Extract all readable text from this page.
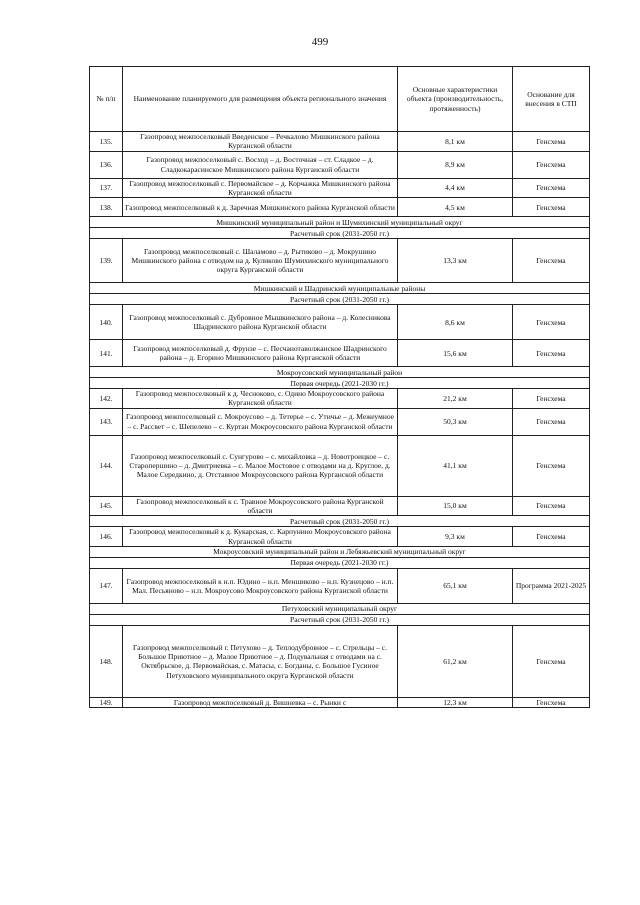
499
№ п/п	Наименование планируемого для размещения объекта регионального значения	Основные характеристики объекта (производительность, протяженность)	Основание для внесения в СТП
135.	Газопровод межпоселковый Введенское – Речкалово Мишкинского района Курганской области	8,1 км	Генсхема
136.	Газопровод межпоселковый с. Восход – д. Восточная – ст. Сладкое – д. Сладкокарасинское Мишкинского района Курганской области	8,9 км	Генсхема
137.	Газопровод межпоселковый с. Первомайское – д. Корчажка Мишкинского района Курганской области	4,4 км	Генсхема
138.	Газопровод межпоселковый к д. Заречная Мишкинского района Курганской области	4,5 км	Генсхема
Мишкинский муниципальный район и Шумихинский муниципальный округ			
Расчетный срок (2031-2050 гг.)			
139.	Газопровод межпоселковый с. Шаламово – д. Рытиково – д. Мокрушино Мишкинского района с отводом на д. Куликово Шумихинского муниципального округа Курганской области	13,3 км	Генсхема
Мишкинский и Шадринский муниципальные районы			
Расчетный срок (2031-2050 гг.)			
140.	Газопровод межпоселковый с. Дубровное Мышкинского района – д. Колесникова Шадринского района Курганской области	8,6 км	Генсхема
141.	Газопровод межпоселковый д. Фрунзе – с. Песчанотаволжанское Шадринского района – д. Егорино Мишкинского района Курганской области	15,6 км	Генсхема
Мокроусовский муниципальный район			
Первая очередь (2021-2030 гг.)			
142.	Газопровод межпоселковый к д. Чесноково, с. Одино Мокроусовского района Курганской области	21,2 км	Генсхема
143.	Газопровод межпоселковый с. Мокроусово – д. Тетерье – с. Утичье – д. Межеумное – с. Рассвет – с. Шепелево – с. Куртан Мокроусовского района Курганской области	50,3 км	Генсхема
144.	Газопровод межпоселковый с. Сунгурово – с. михайловка – д. Новотроицкое – с. Старопершино – д. Дмитриевка – с. Малое Мостовое с отводами на д. Круглое, д. Малое Середкино, д. Отставное Мокроусовского района Курганской области	41,1 км	Генсхема
145.	Газопровод межпоселковый к с. Травное Мокроусовского района Курганской области	15,0 км	Генсхема
Расчетный срок (2031-2050 гг.)			
146.	Газопровод межпоселковый к д. Кукарская, с. Карпунино Мокроусовского района Курганской области	9,3 км	Генсхема
Мокроусовский муниципальный район и Лебяжьевский муниципальный округ			
Первая очередь (2021-2030 гг.)			
147.	Газопровод межпоселковый к н.п. Юдино – н.п. Меншиково – н.п. Кузнецово – н.п. Мал. Песьяново – н.п. Мокроусово Мокроусовского района Курганской области	65,1 км	Программа 2021-2025
Петуховский муниципальный округ			
Расчетный срок (2031-2050 гг.)			
148.	Газопровод межпоселковый г. Петухово – д. Теплодубровное – с. Стрельцы – с. Большое Приютное – д. Малое Приютное – д. Подувальная с отводами на с. Октябрьское, д. Первомайская, с. Матасы, с. Богданы, с. Большое Гусиное Петуховского муниципального округа Курганской области	61,2 км	Генсхема
149.	Газопровод межпоселковый д. Вишневка – с. Рынки с	12,3 км	Генсхема
